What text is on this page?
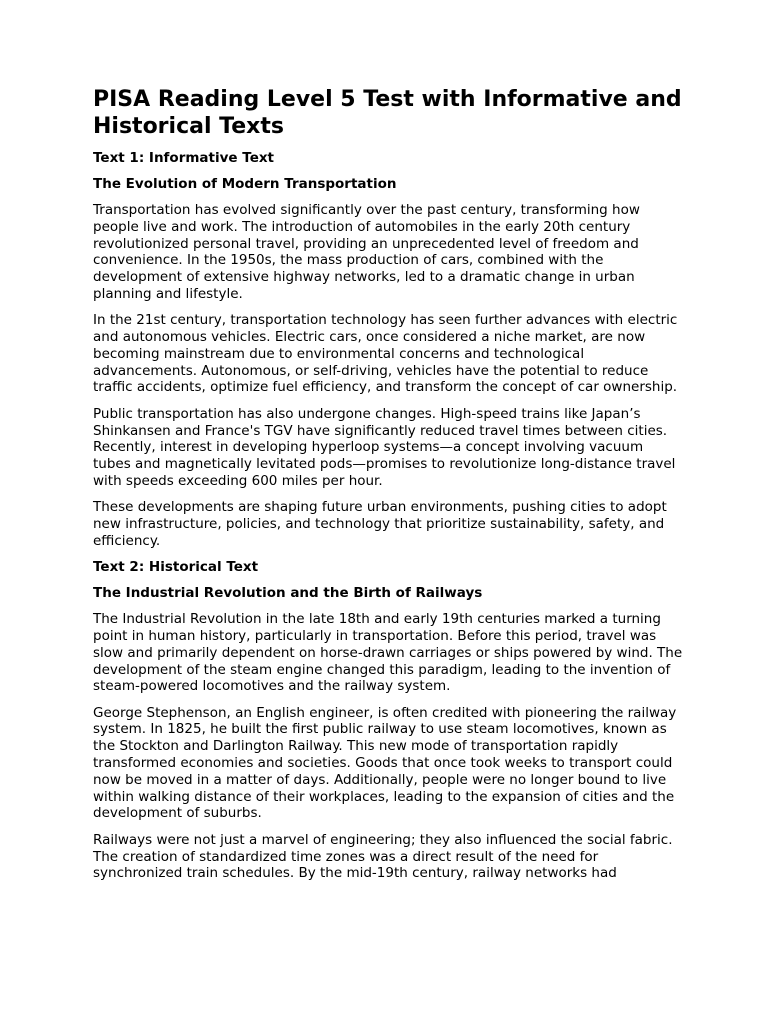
PISA Reading Level 5 Test with Informative and Historical Texts
Text 1: Informative Text
The Evolution of Modern Transportation

Transportation has evolved significantly over the past century, transforming how people live and work. The introduction of automobiles in the early 20th century revolutionized personal travel, providing an unprecedented level of freedom and convenience. In the 1950s, the mass production of cars, combined with the development of extensive highway networks, led to a dramatic change in urban planning and lifestyle.

In the 21st century, transportation technology has seen further advances with electric and autonomous vehicles. Electric cars, once considered a niche market, are now becoming mainstream due to environmental concerns and technological advancements. Autonomous, or self-driving, vehicles have the potential to reduce traffic accidents, optimize fuel efficiency, and transform the concept of car ownership.

Public transportation has also undergone changes. High-speed trains like Japan’s Shinkansen and France's TGV have significantly reduced travel times between cities. Recently, interest in developing hyperloop systems—a concept involving vacuum tubes and magnetically levitated pods—promises to revolutionize long-distance travel with speeds exceeding 600 miles per hour.

These developments are shaping future urban environments, pushing cities to adopt new infrastructure, policies, and technology that prioritize sustainability, safety, and efficiency.

Text 2: Historical Text
The Industrial Revolution and the Birth of Railways

The Industrial Revolution in the late 18th and early 19th centuries marked a turning point in human history, particularly in transportation. Before this period, travel was slow and primarily dependent on horse-drawn carriages or ships powered by wind. The development of the steam engine changed this paradigm, leading to the invention of steam-powered locomotives and the railway system.

George Stephenson, an English engineer, is often credited with pioneering the railway system. In 1825, he built the first public railway to use steam locomotives, known as the Stockton and Darlington Railway. This new mode of transportation rapidly transformed economies and societies. Goods that once took weeks to transport could now be moved in a matter of days. Additionally, people were no longer bound to live within walking distance of their workplaces, leading to the expansion of cities and the development of suburbs.

Railways were not just a marvel of engineering; they also influenced the social fabric. The creation of standardized time zones was a direct result of the need for synchronized train schedules. By the mid-19th century, railway networks had
